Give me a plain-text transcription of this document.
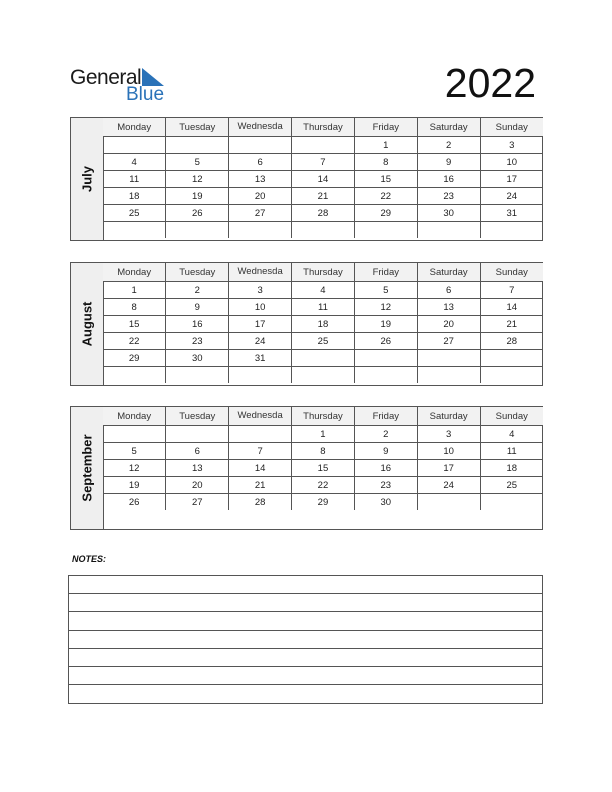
General
Blue	2022
July
Monday	Tuesday	Wednesda	Thursday	Friday	Saturday	Sunday
				1	2	3
4	5	6	7	8	9	10
11	12	13	14	15	16	17
18	19	20	21	22	23	24
25	26	27	28	29	30	31

August
Monday	Tuesday	Wednesda	Thursday	Friday	Saturday	Sunday
1	2	3	4	5	6	7
8	9	10	11	12	13	14
15	16	17	18	19	20	21
22	23	24	25	26	27	28
29	30	31				

September
Monday	Tuesday	Wednesda	Thursday	Friday	Saturday	Sunday
			1	2	3	4
5	6	7	8	9	10	11
12	13	14	15	16	17	18
19	20	21	22	23	24	25
26	27	28	29	30		
NOTES:
